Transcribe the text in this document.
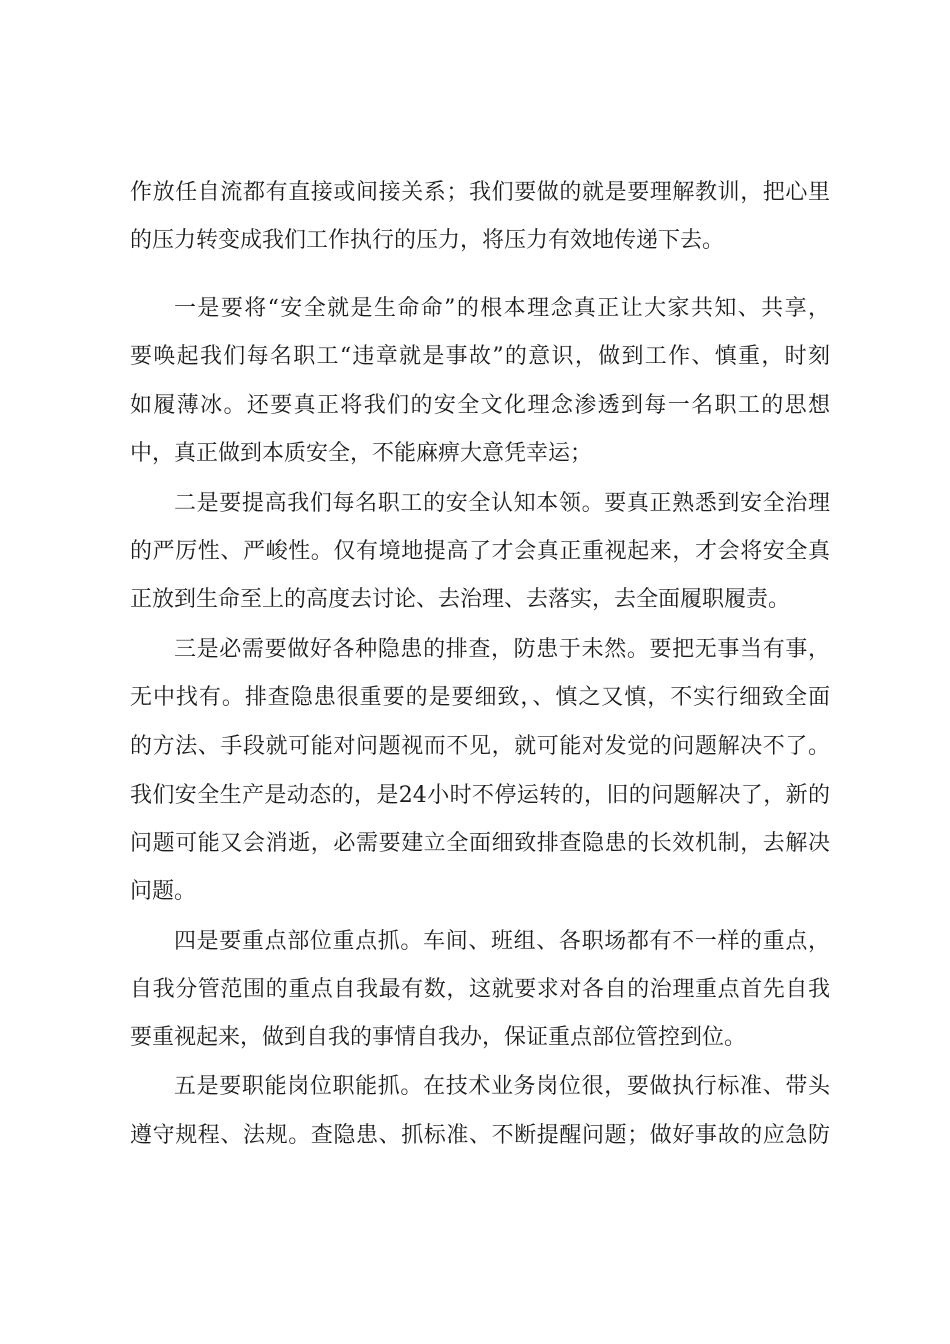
作放任自流都有直接或间接关系；我们要做的就是要理解教训，把心里
的压力转变成我们工作执行的压力，将压力有效地传递下去。
一是要将“安全就是生命命”的根本理念真正让大家共知、共享，
要唤起我们每名职工“违章就是事故”的意识，做到工作、慎重，时刻
如履薄冰。还要真正将我们的安全文化理念渗透到每一名职工的思想
中，真正做到本质安全，不能麻痹大意凭幸运；
二是要提高我们每名职工的安全认知本领。要真正熟悉到安全治理
的严厉性、严峻性。仅有境地提高了才会真正重视起来，才会将安全真
正放到生命至上的高度去讨论、去治理、去落实，去全面履职履责。
三是必需要做好各种隐患的排查，防患于未然。要把无事当有事，
无中找有。排查隐患很重要的是要细致，、慎之又慎，不实行细致全面
的方法、手段就可能对问题视而不见，就可能对发觉的问题解决不了。
我们安全生产是动态的，是24小时不停运转的，旧的问题解决了，新的
问题可能又会消逝，必需要建立全面细致排查隐患的长效机制，去解决
问题。
四是要重点部位重点抓。车间、班组、各职场都有不一样的重点，
自我分管范围的重点自我最有数，这就要求对各自的治理重点首先自我
要重视起来，做到自我的事情自我办，保证重点部位管控到位。
五是要职能岗位职能抓。在技术业务岗位很，要做执行标准、带头
遵守规程、法规。查隐患、抓标准、不断提醒问题；做好事故的应急防
